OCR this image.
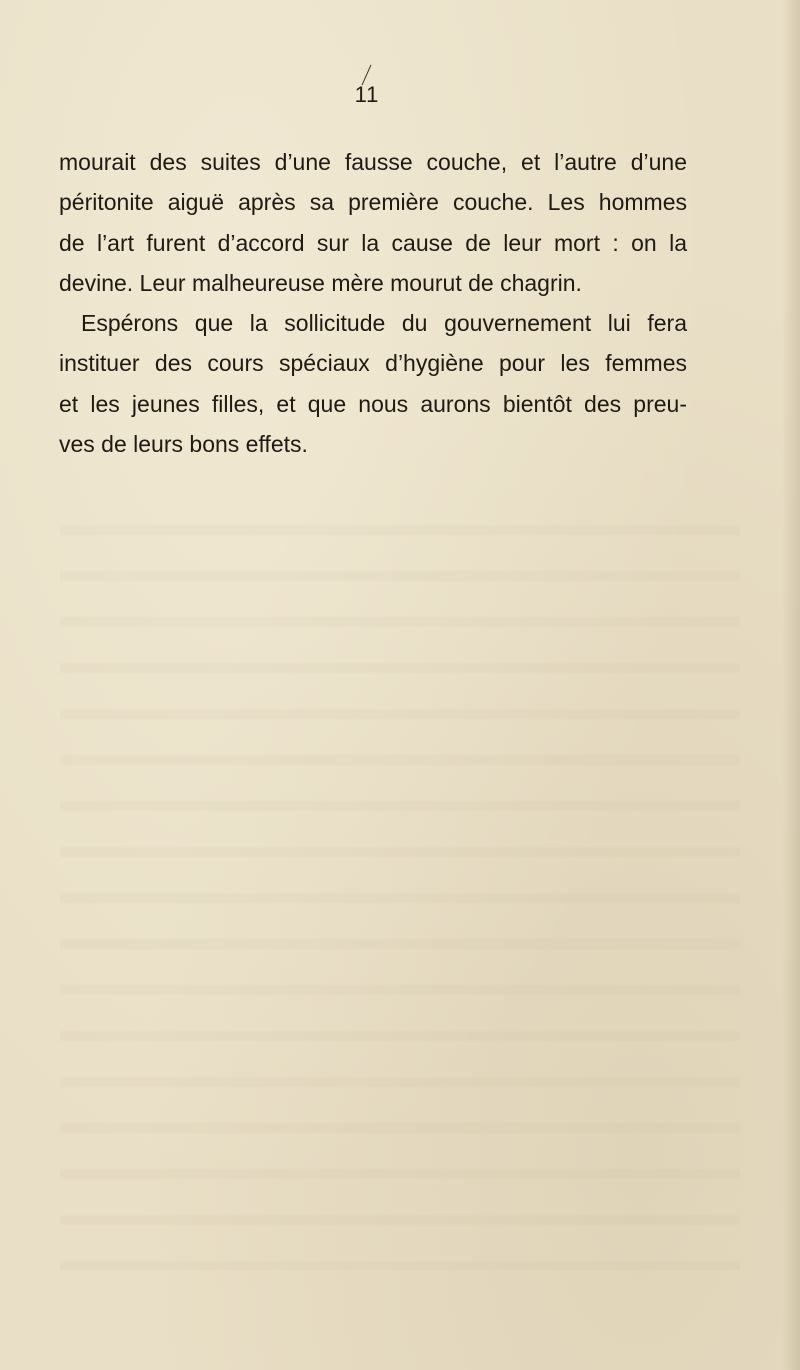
11
mourait des suites d’une fausse couche, et l’autre d’une
péritonite aiguë après sa première couche. Les hommes
de l’art furent d’accord sur la cause de leur mort : on la
devine. Leur malheureuse mère mourut de chagrin.
Espérons que la sollicitude du gouvernement lui fera
instituer des cours spéciaux d’hygiène pour les femmes
et les jeunes filles, et que nous aurons bientôt des preu-
ves de leurs bons effets.
